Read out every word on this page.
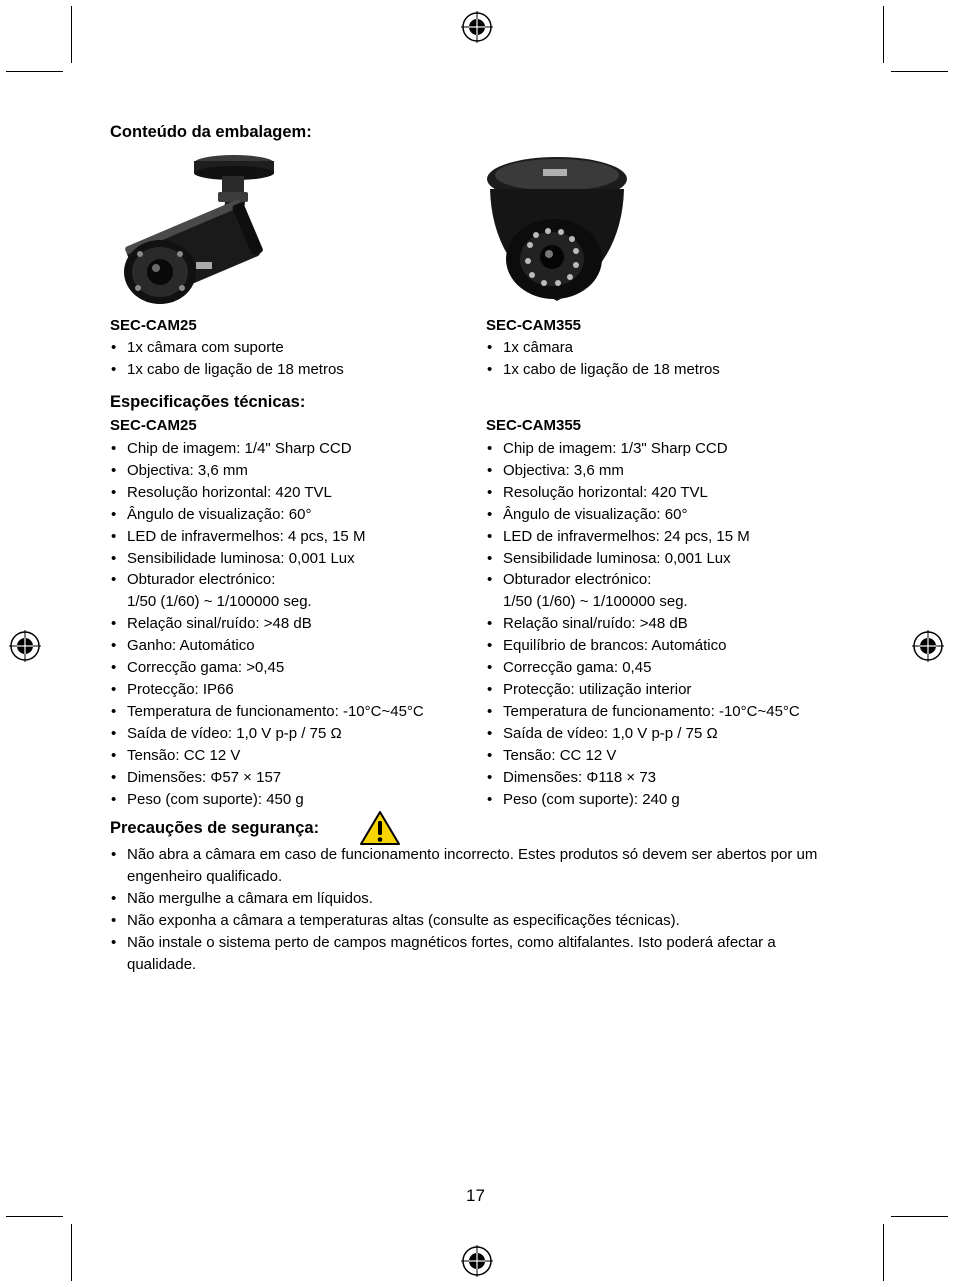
Conteúdo da embalagem:
SEC-CAM25
• 1x câmara com suporte
• 1x cabo de ligação de 18 metros
SEC-CAM355
• 1x câmara
• 1x cabo de ligação de 18 metros
Especificações técnicas:
SEC-CAM25
• Chip de imagem: 1/4" Sharp CCD
• Objectiva: 3,6 mm
• Resolução horizontal: 420 TVL
• Ângulo de visualização: 60°
• LED de infravermelhos: 4 pcs, 15 M
• Sensibilidade luminosa: 0,001 Lux
• Obturador electrónico:
1/50 (1/60) ~ 1/100000 seg.
• Relação sinal/ruído: >48 dB
• Ganho: Automático
• Correcção gama: >0,45
• Protecção: IP66
• Temperatura de funcionamento: -10°C~45°C
• Saída de vídeo: 1,0 V p-p / 75 Ω
• Tensão: CC 12 V
• Dimensões: Φ57 × 157
• Peso (com suporte): 450 g
SEC-CAM355
• Chip de imagem: 1/3" Sharp CCD
• Objectiva: 3,6 mm
• Resolução horizontal: 420 TVL
• Ângulo de visualização: 60°
• LED de infravermelhos: 24 pcs, 15 M
• Sensibilidade luminosa: 0,001 Lux
• Obturador electrónico:
1/50 (1/60) ~ 1/100000 seg.
• Relação sinal/ruído: >48 dB
• Equilíbrio de brancos: Automático
• Correcção gama: 0,45
• Protecção: utilização interior
• Temperatura de funcionamento: -10°C~45°C
• Saída de vídeo: 1,0 V p-p / 75 Ω
• Tensão: CC 12 V
• Dimensões: Φ118 × 73
• Peso (com suporte): 240 g
Precauções de segurança:
• Não abra a câmara em caso de funcionamento incorrecto. Estes produtos só devem ser abertos por um engenheiro qualificado.
• Não mergulhe a câmara em líquidos.
• Não exponha a câmara a temperaturas altas (consulte as especificações técnicas).
• Não instale o sistema perto de campos magnéticos fortes, como altifalantes. Isto poderá afectar a qualidade.
17
